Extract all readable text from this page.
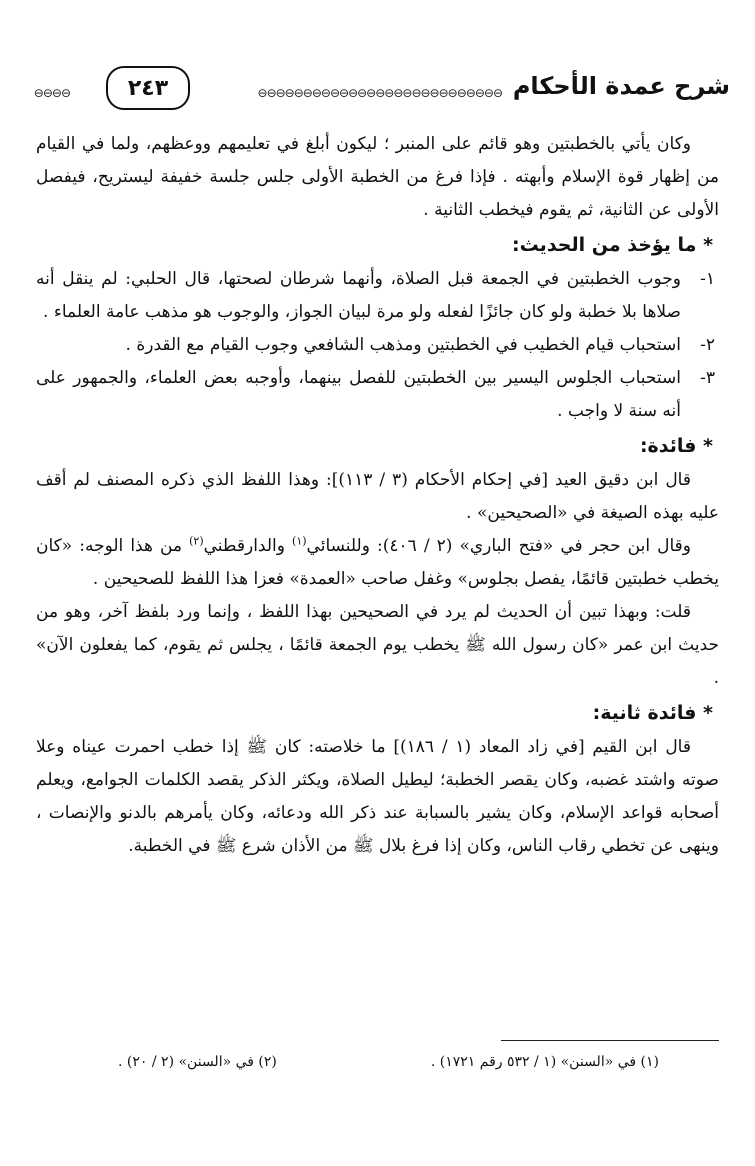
شرح عمدة الأحكام
⊖⊖⊖⊖⊖⊖⊖⊖⊖⊖⊖⊖⊖⊖⊖⊖⊖⊖⊖⊖⊖⊖⊖⊖⊖⊖⊖
٢٤٣
⊖⊖⊖⊖

وكان يأتي بالخطبتين وهو قائم على المنبر ؛ ليكون أبلغ في تعليمهم ووعظهم، ولما في القيام من إظهار قوة الإسلام وأبهته . فإذا فرغ من الخطبة الأولى جلس جلسة خفيفة ليستريح، فيفصل الأولى عن الثانية، ثم يقوم فيخطب الثانية .

* ما يؤخذ من الحديث:
١-

وجوب الخطبتين في الجمعة قبل الصلاة، وأنهما شرطان لصحتها، قال الحلبي: لم ينقل أنه صلاها بلا خطبة ولو كان جائزًا لفعله ولو مرة لبيان الجواز، والوجوب هو مذهب عامة العلماء .

٢-

استحباب قيام الخطيب في الخطبتين ومذهب الشافعي وجوب القيام مع القدرة .

٣-

استحباب الجلوس اليسير بين الخطبتين للفصل بينهما، وأوجبه بعض العلماء، والجمهور على أنه سنة لا واجب .

* فائدة:

قال ابن دقيق العيد [في إحكام الأحكام (٣ / ١١٣)]: وهذا اللفظ الذي ذكره المصنف لم أقف عليه بهذه الصيغة في «الصحيحين» .

وقال ابن حجر في «فتح الباري» (٢ / ٤٠٦): وللنسائي$^{(١)}$ والدارقطني$^{(٢)}$ من هذا الوجه: «كان يخطب خطبتين قائمًا، يفصل بجلوس» وغفل صاحب «العمدة» فعزا هذا اللفظ للصحيحين .

قلت: وبهذا تبين أن الحديث لم يرد في الصحيحين بهذا اللفظ ، وإنما ورد بلفظ آخر، وهو من حديث ابن عمر «كان رسول الله ﷺ يخطب يوم الجمعة قائمًا ، يجلس ثم يقوم، كما يفعلون الآن» .

* فائدة ثانية:

قال ابن القيم [في زاد المعاد (١ / ١٨٦)] ما خلاصته: كان ﷺ إذا خطب احمرت عيناه وعلا صوته واشتد غضبه، وكان يقصر الخطبة؛ ليطيل الصلاة، ويكثر الذكر يقصد الكلمات الجوامع، ويعلم أصحابه قواعد الإسلام، وكان يشير بالسبابة عند ذكر الله ودعائه، وكان يأمرهم بالدنو والإنصات ، وينهى عن تخطي رقاب الناس، وكان إذا فرغ بلال ﷺ من الأذان شرع ﷺ في الخطبة.

(١) في «السنن» (١ / ٥٣٢ رقم ١٧٢١) .
(٢) في «السنن» (٢ / ٢٠) .
